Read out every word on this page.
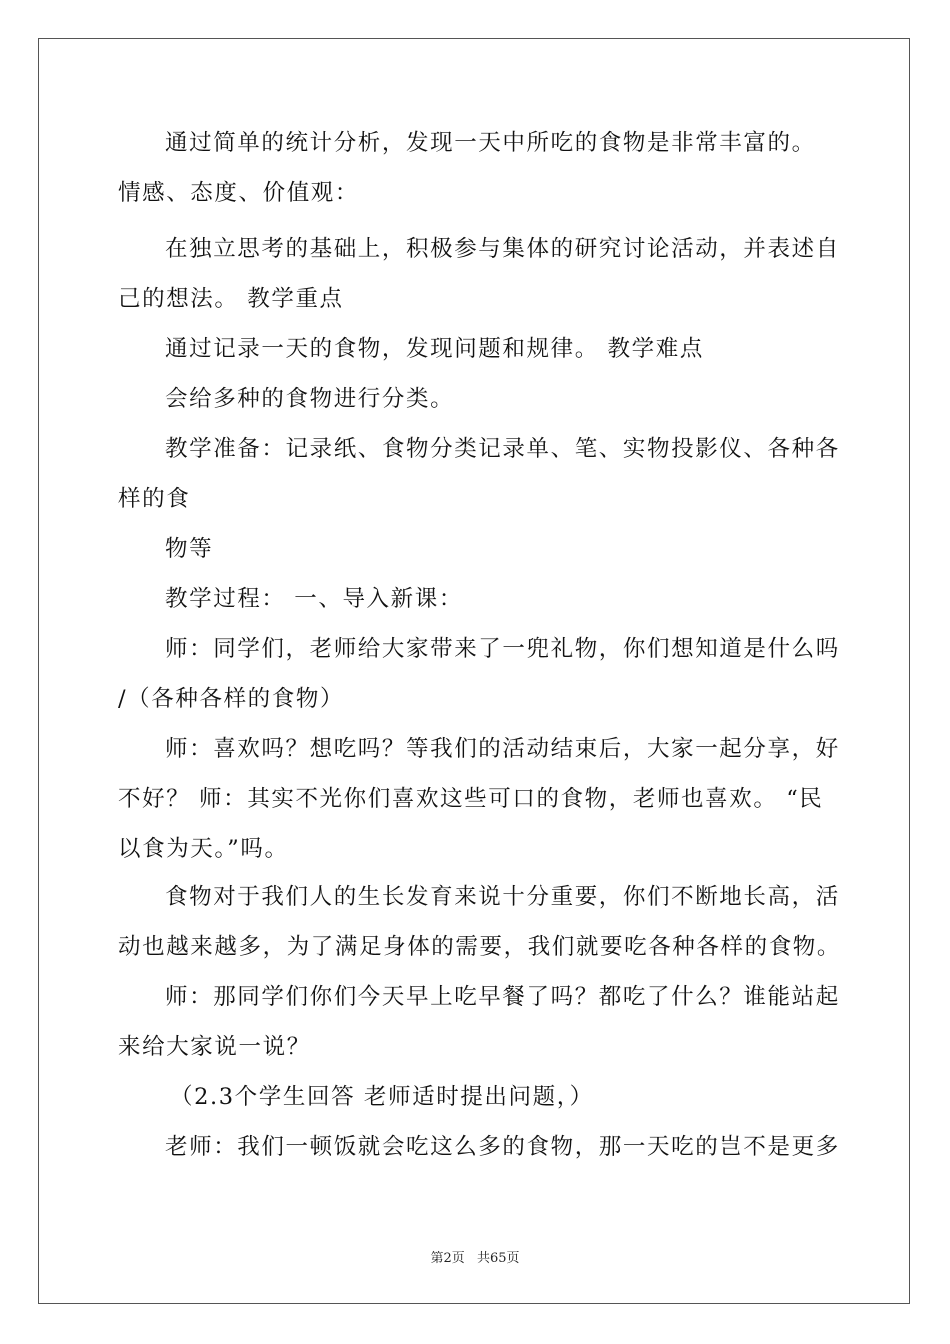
通过简单的统计分析，发现一天中所吃的食物是非常丰富的。
情感、态度、价值观：
在独立思考的基础上，积极参与集体的研究讨论活动，并表述自
己的想法。 教学重点
通过记录一天的食物，发现问题和规律。 教学难点
会给多种的食物进行分类。
教学准备：记录纸、食物分类记录单、笔、实物投影仪、各种各
样的食
物等
教学过程： 一、导入新课：
师：同学们，老师给大家带来了一兜礼物，你们想知道是什么吗
/（各种各样的食物）
师：喜欢吗？想吃吗？等我们的活动结束后，大家一起分享，好
不好？ 师：其实不光你们喜欢这些可口的食物，老师也喜欢。 “民
以食为天。”吗。
食物对于我们人的生长发育来说十分重要，你们不断地长高，活
动也越来越多，为了满足身体的需要，我们就要吃各种各样的食物。
师：那同学们你们今天早上吃早餐了吗？都吃了什么？谁能站起
来给大家说一说？
（2.3个学生回答 老师适时提出问题，）
老师：我们一顿饭就会吃这么多的食物，那一天吃的岂不是更多
第2页 共65页
